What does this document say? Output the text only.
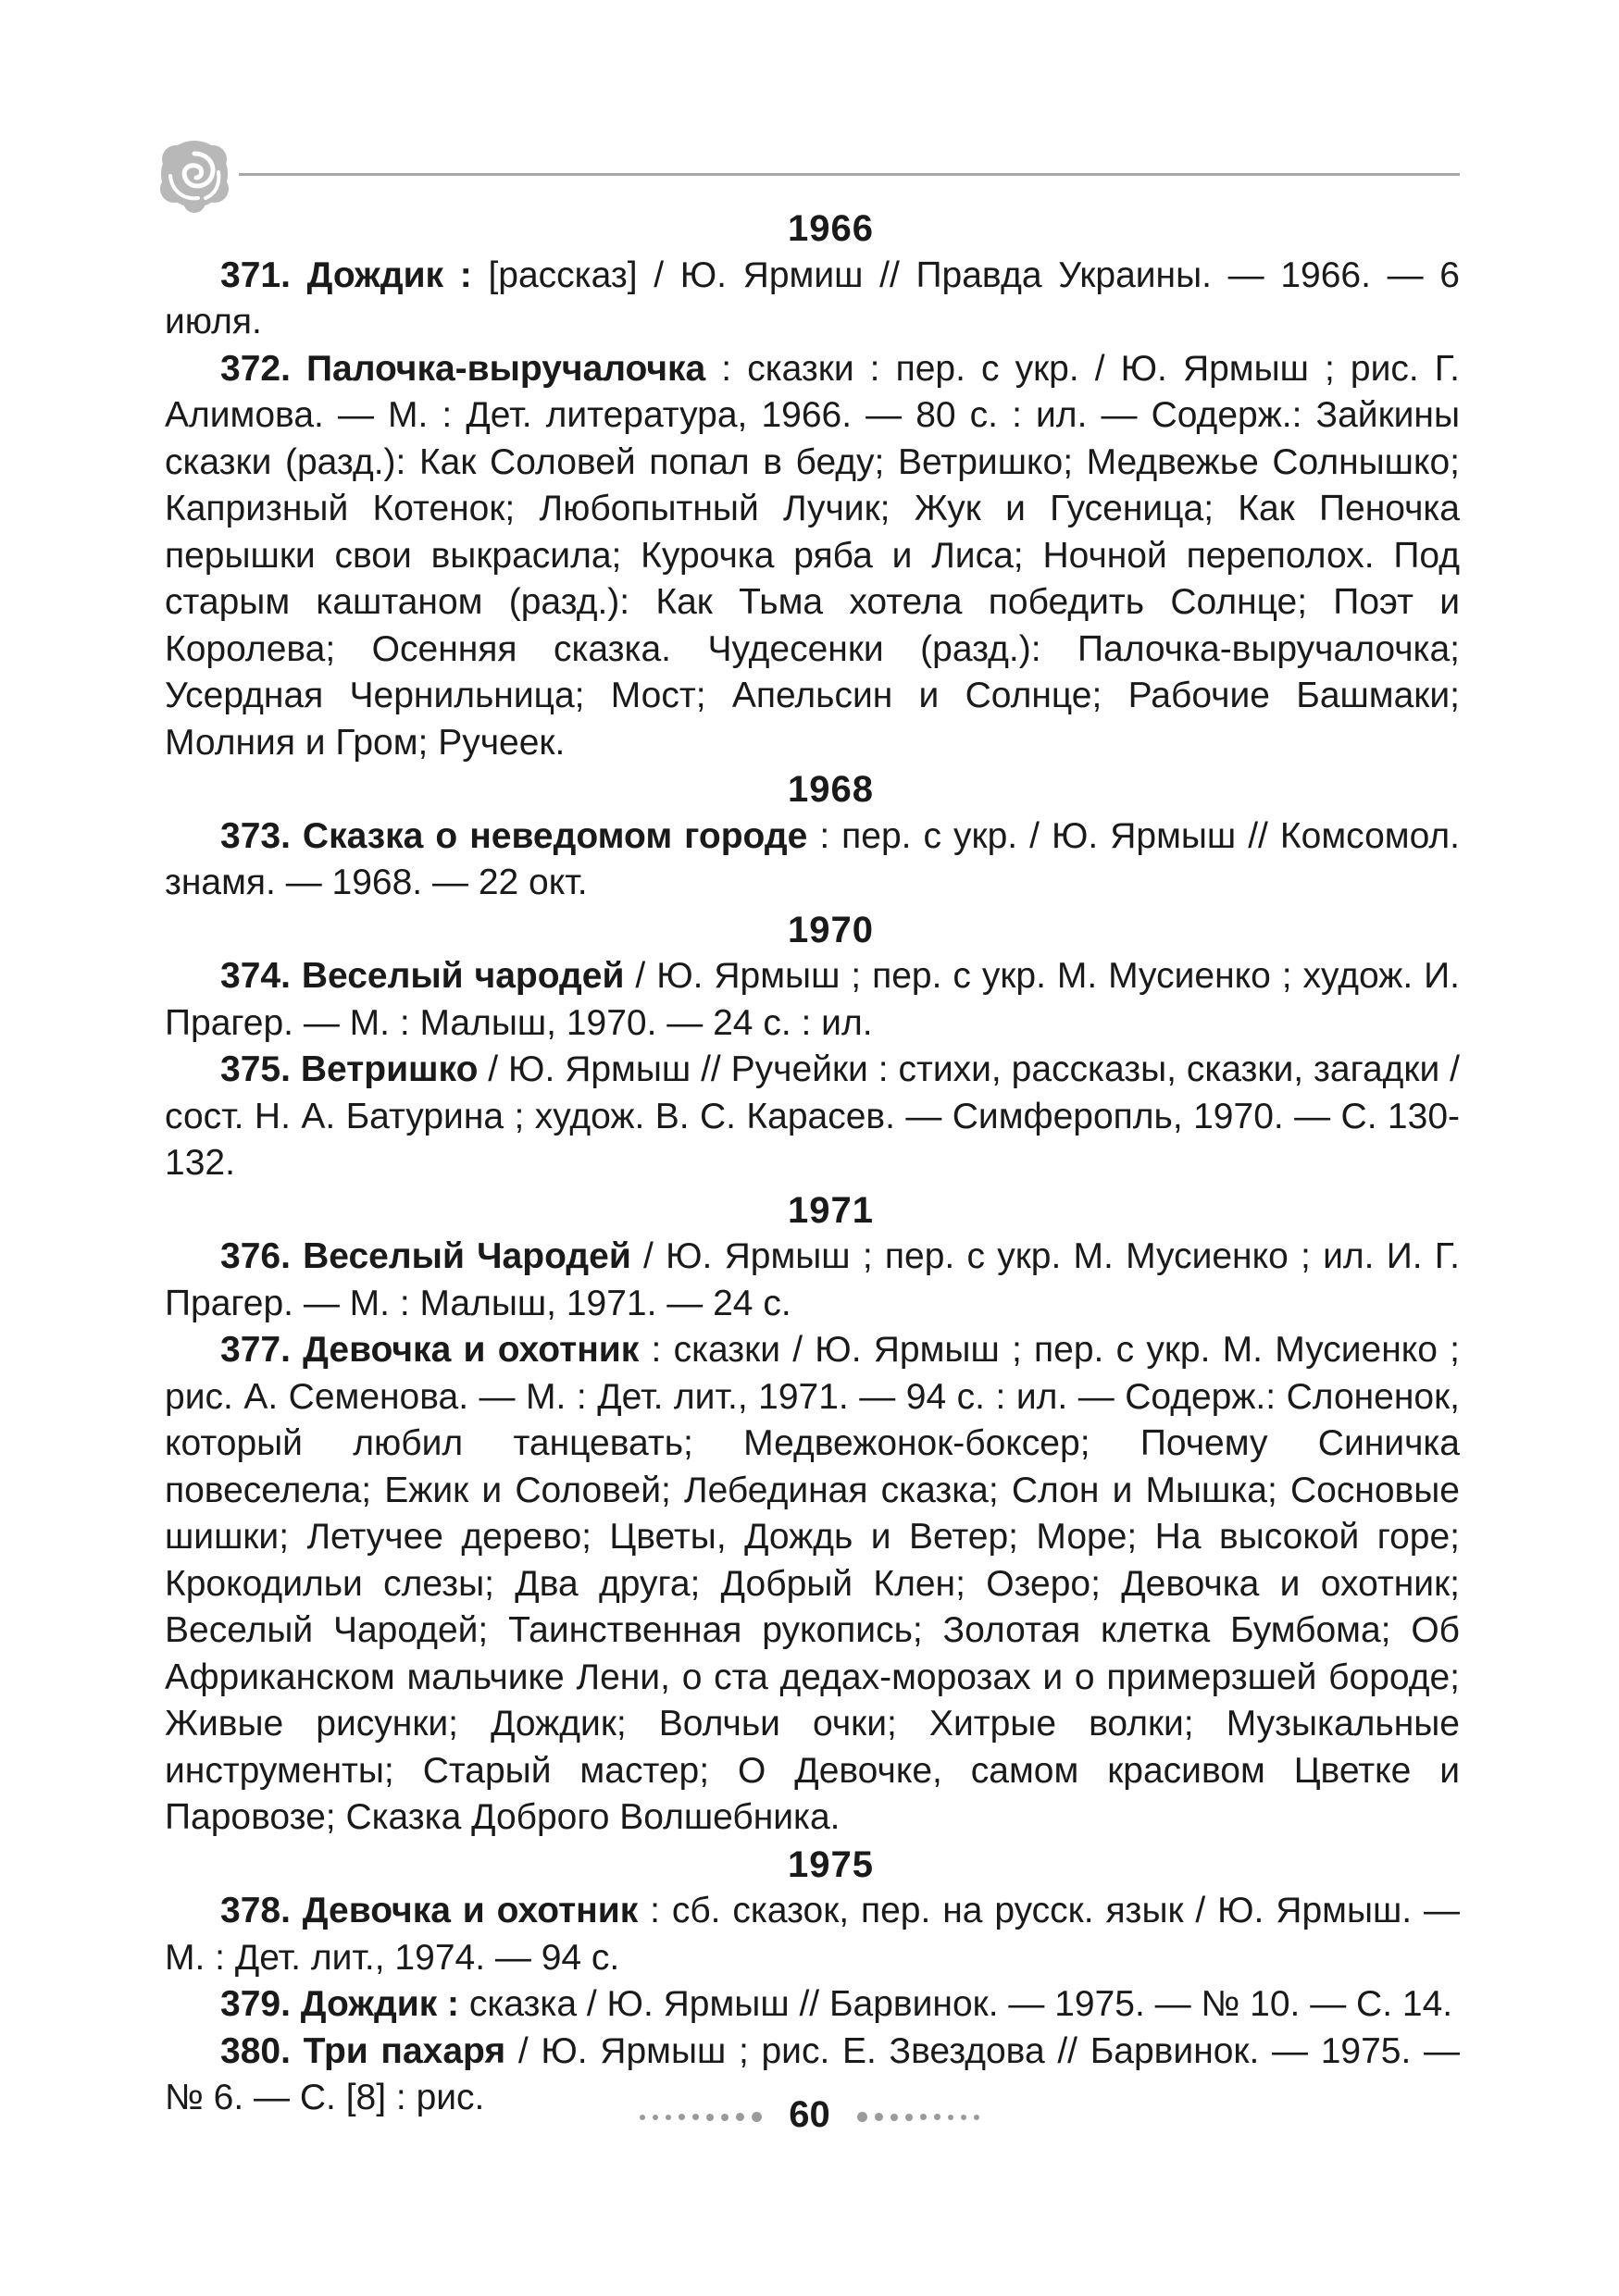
1966

371. Дождик : [рассказ] / Ю. Ярмиш // Правда Украины. — 1966. — 6 июля.

372. Палочка-выручалочка : сказки : пер. с укр. / Ю. Ярмыш ; рис. Г. Алимова. — М. : Дет. литература, 1966. — 80 с. : ил. — Содерж.: Зайкины сказки (разд.): Как Соловей попал в беду; Ветришко; Медвежье Солнышко; Капризный Котенок; Любопытный Лучик; Жук и Гусеница; Как Пеночка перышки свои выкрасила; Курочка ряба и Лиса; Ночной переполох. Под старым каштаном (разд.): Как Тьма хотела победить Солнце; Поэт и Королева; Осенняя сказка. Чудесенки (разд.): Палочка-выручалочка; Усердная Чернильница; Мост; Апельсин и Солнце; Рабочие Башмаки; Молния и Гром; Ручеек.

1968

373. Сказка о неведомом городе : пер. с укр. / Ю. Ярмыш // Комсомол. знамя. — 1968. — 22 окт.

1970

374. Веселый чародей / Ю. Ярмыш ; пер. с укр. М. Мусиенко ; худож. И. Прагер. — М. : Малыш, 1970. — 24 с. : ил.

375. Ветришко / Ю. Ярмыш // Ручейки : стихи, рассказы, сказки, загадки / сост. Н. А. Батурина ; худож. В. С. Карасев. — Симферопль, 1970. — С. 130-132.

1971

376. Веселый Чародей / Ю. Ярмыш ; пер. с укр. М. Мусиенко ; ил. И. Г. Прагер. — М. : Малыш, 1971. — 24 с.

377. Девочка и охотник : сказки / Ю. Ярмыш ; пер. с укр. М. Мусиенко ; рис. А. Семенова. — М. : Дет. лит., 1971. — 94 с. : ил. — Содерж.: Слоненок, который любил танцевать; Медвежонок-боксер; Почему Синичка повеселела; Ежик и Соловей; Лебединая сказка; Слон и Мышка; Сосновые шишки; Летучее дерево; Цветы, Дождь и Ветер; Море; На высокой горе; Крокодильи слезы; Два друга; Добрый Клен; Озеро; Девочка и охотник; Веселый Чародей; Таинственная рукопись; Золотая клетка Бумбома; Об Африканском мальчике Лени, о ста дедах-морозах и о примерзшей бороде; Живые рисунки; Дождик; Волчьи очки; Хитрые волки; Музыкальные инструменты; Старый мастер; О Девочке, самом красивом Цветке и Паровозе; Сказка Доброго Волшебника.

1975

378. Девочка и охотник : сб. сказок, пер. на русск. язык / Ю. Ярмыш. — М. : Дет. лит., 1974. — 94 с.

379. Дождик : сказка / Ю. Ярмыш // Барвинок. — 1975. — № 10. — С. 14.

380. Три пахаря / Ю. Ярмыш ; рис. Е. Звездова // Барвинок. — 1975. — № 6. — С. [8] : рис.	60
